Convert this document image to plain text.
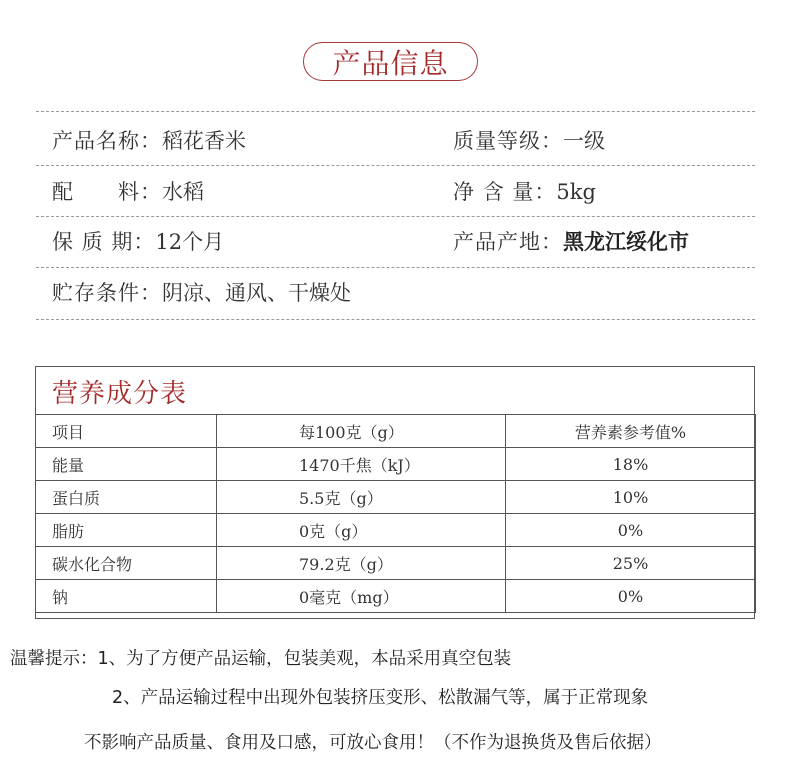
产品信息
产品名称：稻花香米	质量等级：一级
配　　料：水稻	净 含 量：5kg
保 质 期：12个月	产品产地：黑龙江绥化市
贮存条件：阴凉、通风、干燥处
营养成分表
项目	每100克（g）	营养素参考值%
能量	1470千焦（kJ）	18%
蛋白质	5.5克（g）	10%
脂肪	0克（g）	0%
碳水化合物	79.2克（g）	25%
钠	0毫克（mg）	0%
温馨提示：1、为了方便产品运输，包装美观，本品采用真空包装
2、产品运输过程中出现外包装挤压变形、松散漏气等，属于正常现象
不影响产品质量、食用及口感，可放心食用！（不作为退换货及售后依据）
